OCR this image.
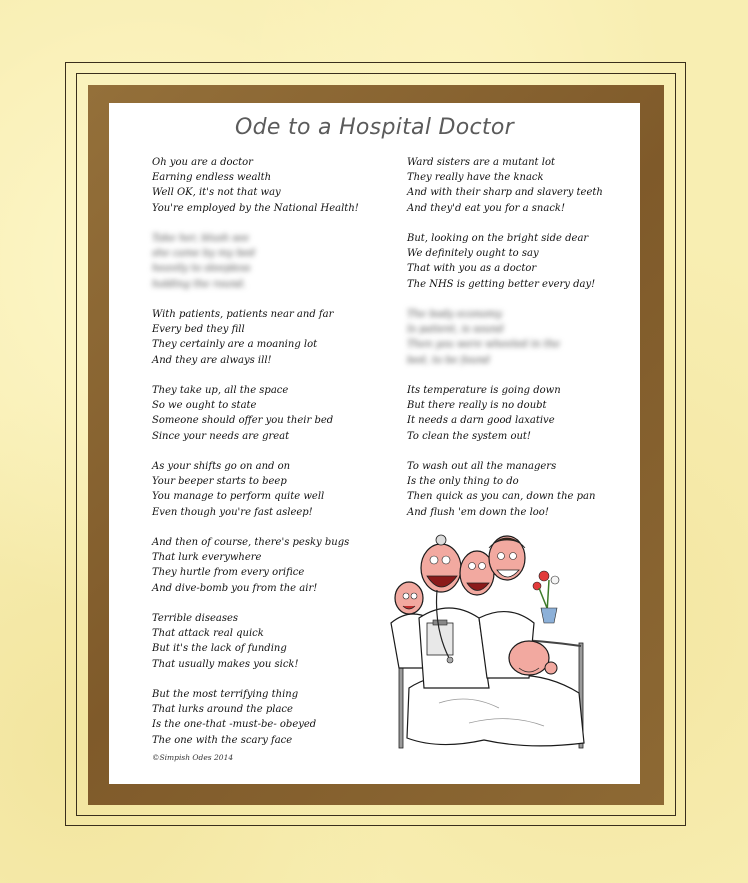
Ode to a Hospital Doctor
Oh you are a doctor
Earning endless wealth
Well OK, it's not that way
You're employed by the National Health!
Take her, blush see
she came by my bed
heavily to sleepless
holding the round.
With patients, patients near and far
Every bed they fill
They certainly are a moaning lot
And they are always ill!
They take up, all the space
So we ought to state
Someone should offer you their bed
Since your needs are great
As your shifts go on and on
Your beeper starts to beep
You manage to perform quite well
Even though you're fast asleep!
And then of course, there's pesky bugs
That lurk everywhere
They hurtle from every orifice
And dive-bomb you from the air!
Terrible diseases
That attack real quick
But it's the lack of funding
That usually makes you sick!
But the most terrifying thing
That lurks around the place
Is the one-that -must-be- obeyed
The one with the scary face
Ward sisters are a mutant lot
They really have the knack
And with their sharp and slavery teeth
And they'd eat you for a snack!
But, looking on the bright side dear
We definitely ought to say
That with you as a doctor
The NHS is getting better every day!
The body economy
Is patient, is sound
Then you were wheeled in the
bed, to be found
Its temperature is going down
But there really is no doubt
It needs a darn good laxative
To clean the system out!
To wash out all the managers
Is the only thing to do
Then quick as you can, down the pan
And flush 'em down the loo!
©Simpish Odes 2014
